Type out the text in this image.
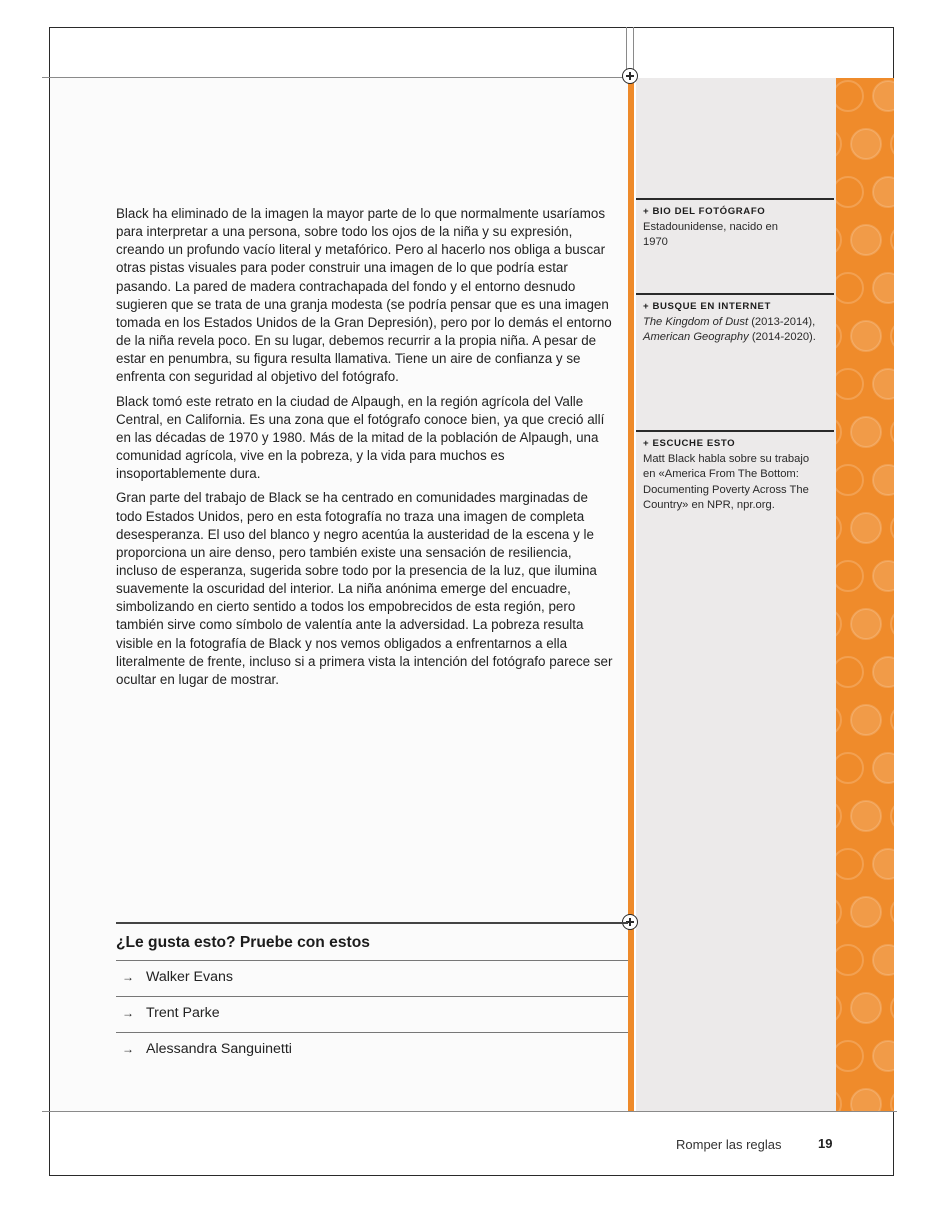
Black ha eliminado de la imagen la mayor parte de lo que normalmente usaríamos para interpretar a una persona, sobre todo los ojos de la niña y su expresión, creando un profundo vacío literal y metafórico. Pero al hacerlo nos obliga a buscar otras pistas visuales para poder construir una imagen de lo que podría estar pasando. La pared de madera contrachapada del fondo y el entorno desnudo sugieren que se trata de una granja modesta (se podría pensar que es una imagen tomada en los Estados Unidos de la Gran Depresión), pero por lo demás el entorno de la niña revela poco. En su lugar, debemos recurrir a la propia niña. A pesar de estar en penumbra, su figura resulta llamativa. Tiene un aire de confianza y se enfrenta con seguridad al objetivo del fotógrafo.

Black tomó este retrato en la ciudad de Alpaugh, en la región agrícola del Valle Central, en California. Es una zona que el fotógrafo conoce bien, ya que creció allí en las décadas de 1970 y 1980. Más de la mitad de la población de Alpaugh, una comunidad agrícola, vive en la pobreza, y la vida para muchos es insoportablemente dura.

Gran parte del trabajo de Black se ha centrado en comunidades marginadas de todo Estados Unidos, pero en esta fotografía no traza una imagen de completa desesperanza. El uso del blanco y negro acentúa la austeridad de la escena y le proporciona un aire denso, pero también existe una sensación de resiliencia, incluso de esperanza, sugerida sobre todo por la presencia de la luz, que ilumina suavemente la oscuridad del interior. La niña anónima emerge del encuadre, simbolizando en cierto sentido a todos los empobrecidos de esta región, pero también sirve como símbolo de valentía ante la adversidad. La pobreza resulta visible en la fotografía de Black y nos vemos obligados a enfrentarnos a ella literalmente de frente, incluso si a primera vista la intención del fotógrafo parece ser ocultar en lugar de mostrar.

+ BIO DEL FOTÓGRAFO
Estadounidense, nacido en 1970
+ BUSQUE EN INTERNET
The Kingdom of Dust (2013-2014), American Geography (2014-2020).
+ ESCUCHE ESTO
Matt Black habla sobre su trabajo en «America From The Bottom: Documenting Poverty Across The Country» en NPR, npr.org.
¿Le gusta esto? Pruebe con estos
→ Walker Evans
→ Trent Parke
→ Alessandra Sanguinetti
Romper las reglas	19
